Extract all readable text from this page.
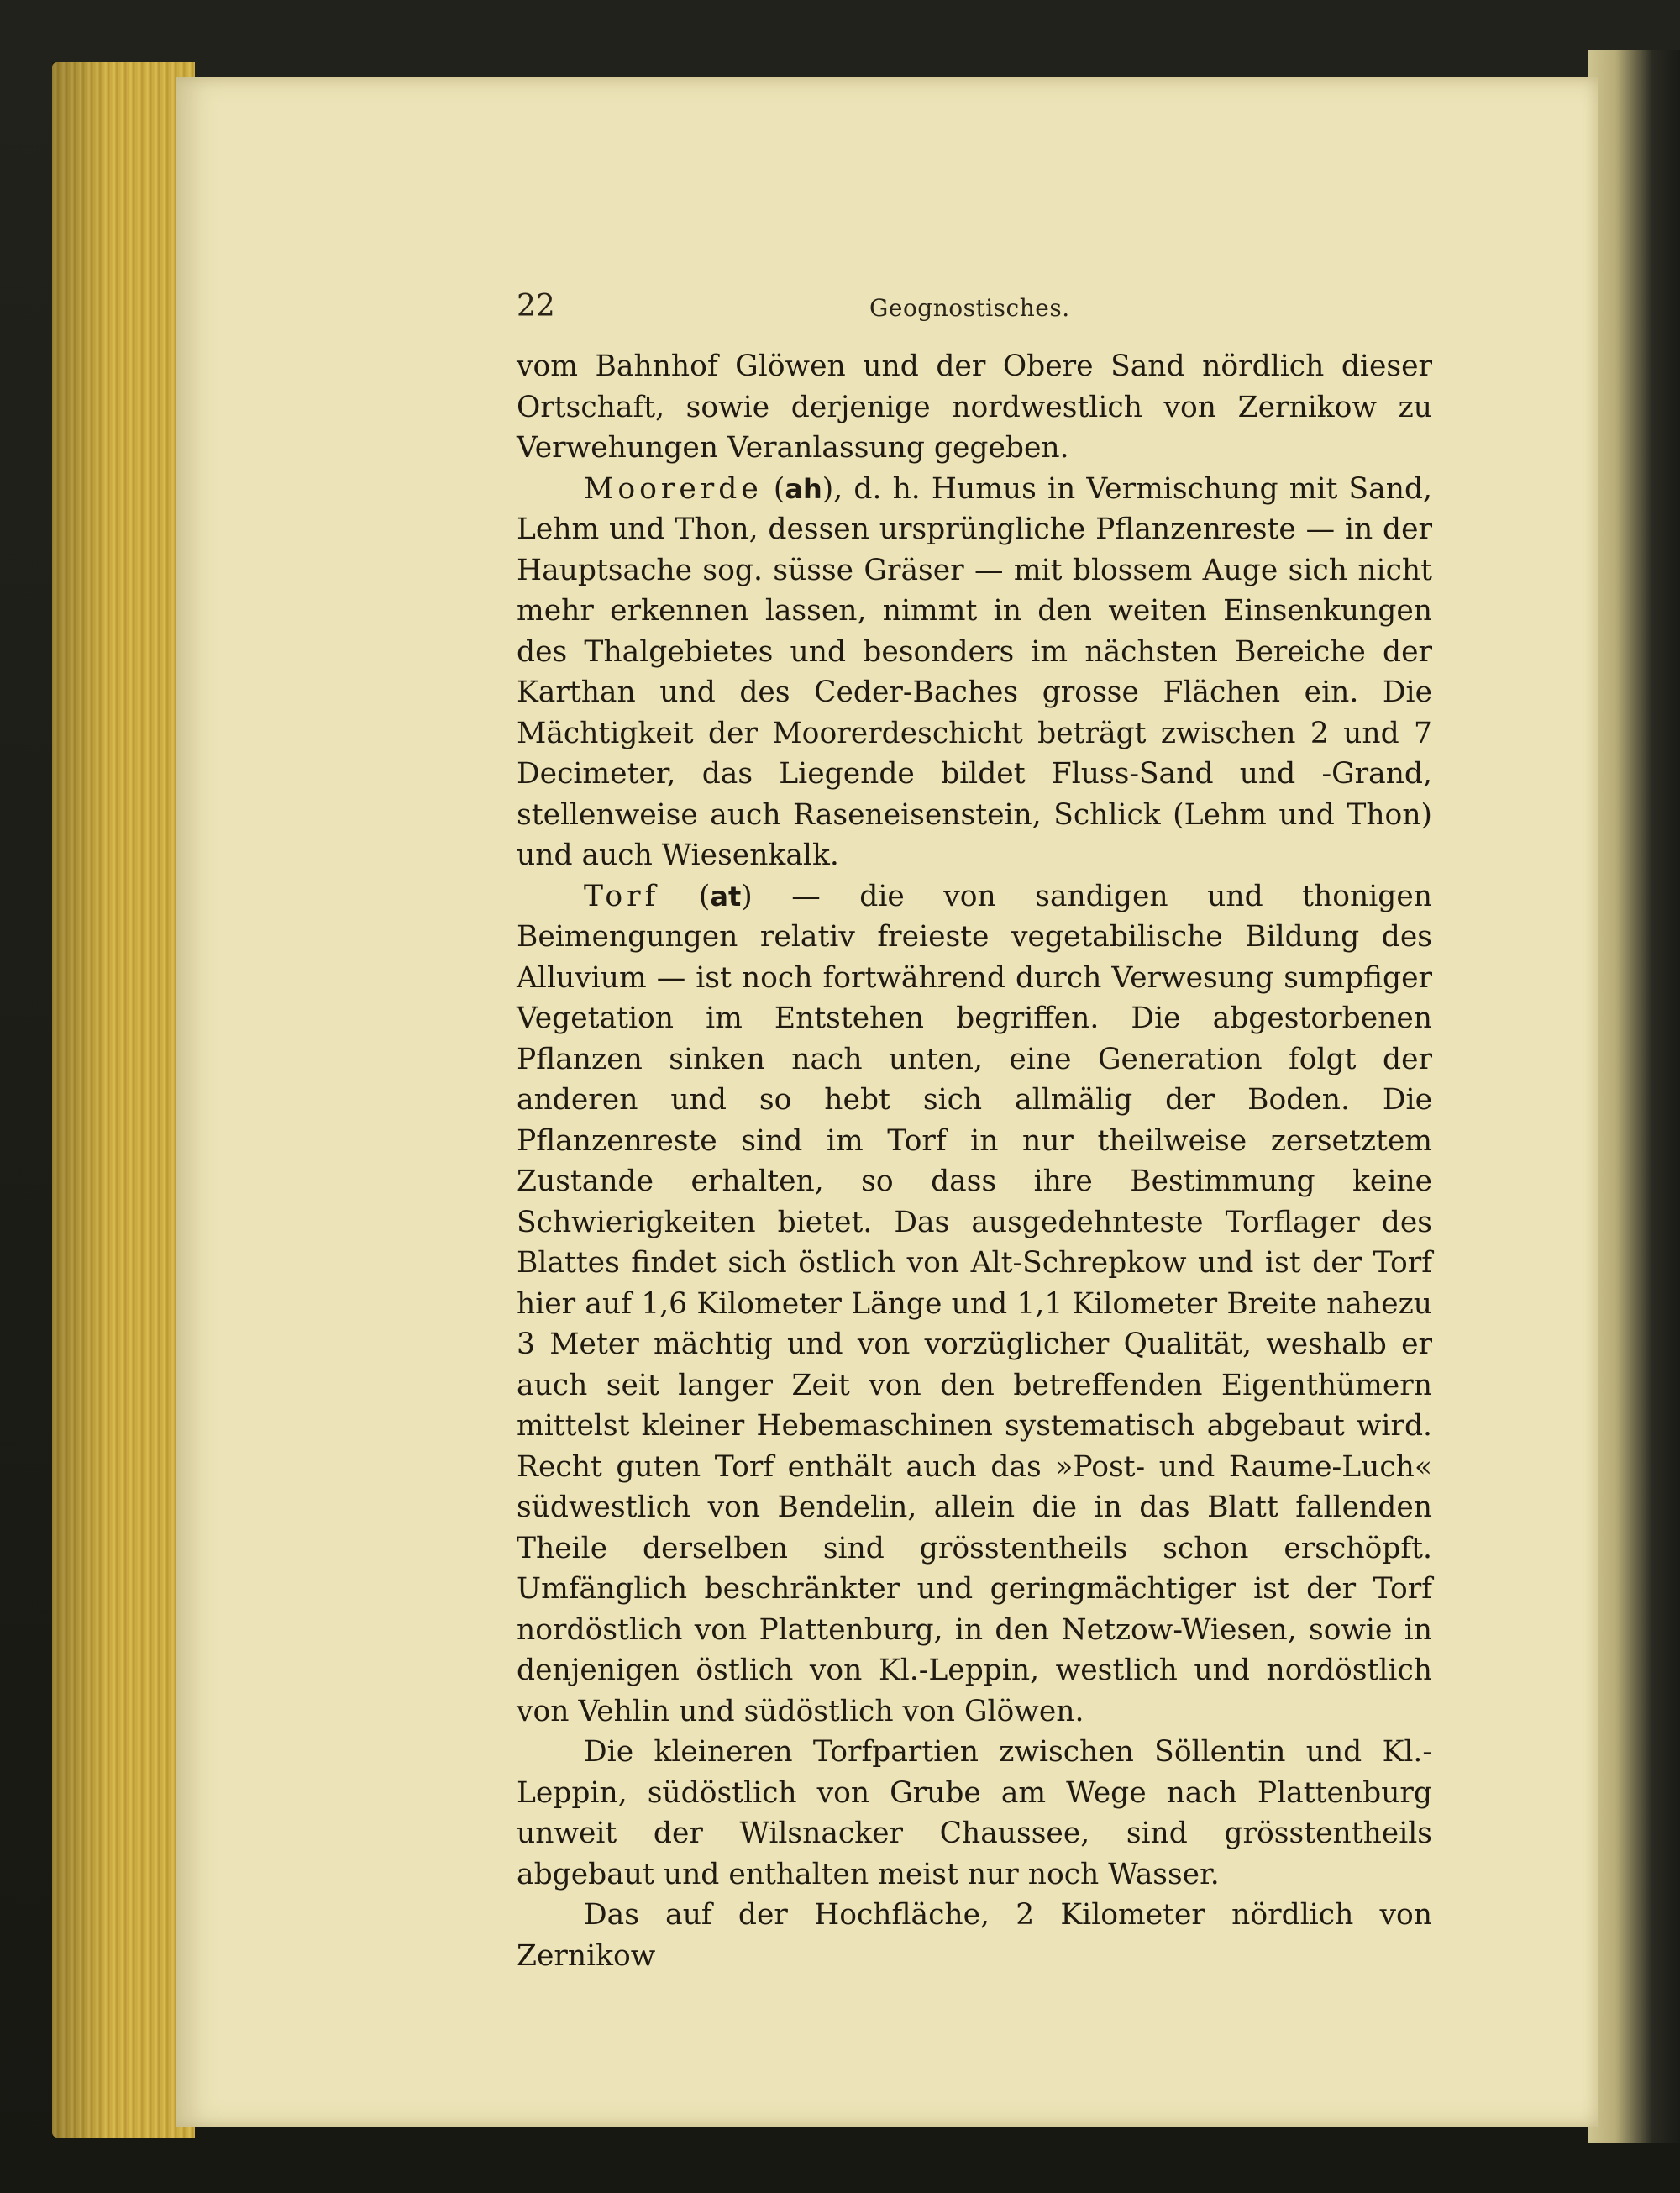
22	Geognostisches.

vom Bahnhof Glöwen und der Obere Sand nördlich dieser Ortschaft, sowie derjenige nordwestlich von Zernikow zu Verwehungen Veranlassung gegeben.

Moorerde (ah), d. h. Humus in Vermischung mit Sand, Lehm und Thon, dessen ursprüngliche Pflanzenreste — in der Hauptsache sog. süsse Gräser — mit blossem Auge sich nicht mehr erkennen lassen, nimmt in den weiten Einsenkungen des Thalgebietes und besonders im nächsten Bereiche der Karthan und des Ceder-Baches grosse Flächen ein. Die Mächtigkeit der Moorerdeschicht beträgt zwischen 2 und 7 Decimeter, das Liegende bildet Fluss-Sand und -Grand, stellenweise auch Raseneisenstein, Schlick (Lehm und Thon) und auch Wiesenkalk.

Torf (at) — die von sandigen und thonigen Beimengungen relativ freieste vegetabilische Bildung des Alluvium — ist noch fortwährend durch Verwesung sumpfiger Vegetation im Entstehen begriffen. Die abgestorbenen Pflanzen sinken nach unten, eine Generation folgt der anderen und so hebt sich allmälig der Boden. Die Pflanzenreste sind im Torf in nur theilweise zersetztem Zustande erhalten, so dass ihre Bestimmung keine Schwierigkeiten bietet. Das ausgedehnteste Torflager des Blattes findet sich östlich von Alt-Schrepkow und ist der Torf hier auf 1,6 Kilometer Länge und 1,1 Kilometer Breite nahezu 3 Meter mächtig und von vorzüglicher Qualität, weshalb er auch seit langer Zeit von den betreffenden Eigenthümern mittelst kleiner Hebemaschinen systematisch abgebaut wird. Recht guten Torf enthält auch das »Post- und Raume-Luch« südwestlich von Bendelin, allein die in das Blatt fallenden Theile derselben sind grösstentheils schon erschöpft. Umfänglich beschränkter und geringmächtiger ist der Torf nordöstlich von Plattenburg, in den Netzow-Wiesen, sowie in denjenigen östlich von Kl.-Leppin, westlich und nordöstlich von Vehlin und südöstlich von Glöwen.

Die kleineren Torfpartien zwischen Söllentin und Kl.-Leppin, südöstlich von Grube am Wege nach Plattenburg unweit der Wilsnacker Chaussee, sind grösstentheils abgebaut und enthalten meist nur noch Wasser.

Das auf der Hochfläche, 2 Kilometer nördlich von Zernikow
